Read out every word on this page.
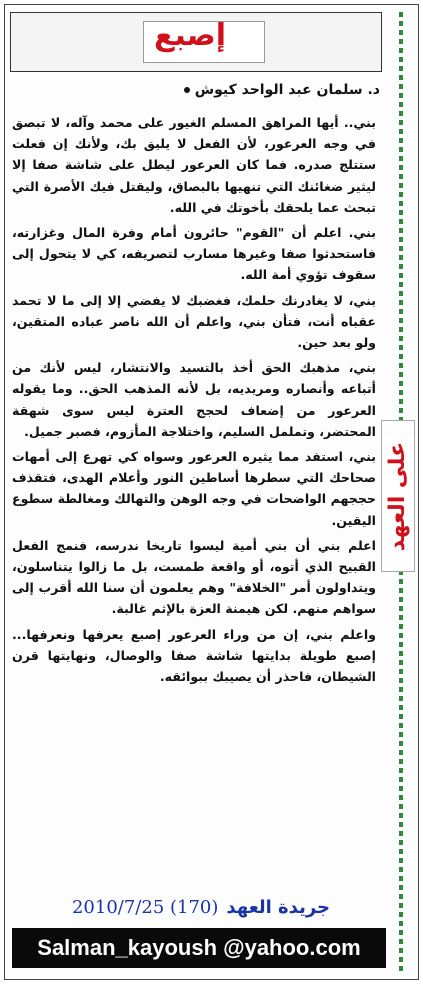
إصبع
على العهد
د. سلمان عبد الواحد كيوش

بني.. أيها المراهق المسلم الغيور على محمد وآله، لا تبصق في وجه العرعور، لأن الفعل لا يليق بك، ولأنك إن فعلت ستتلج صدره. فما كان العرعور ليطل على شاشة صفا إلا ليثير ضغائنك التي تنهيها بالبصاق، وليقتل فيك الأصرة التي تبحث عما يلحقك بأخوتك في الله.

بني. اعلم أن "القوم" حائرون أمام وفرة المال وغزارته، فاستحدثوا صفا وغيرها مسارب لتصريفه، كي لا يتحول إلى سقوف تؤوي أمة الله.

بني، لا يغادرنك حلمك، فغضبك لا يفضي إلا إلى ما لا تحمد عقباه أنت، فتأن بني، واعلم أن الله ناصر عباده المتقين، ولو بعد حين.

بني، مذهبك الحق أخذ بالتسيد والانتشار، ليس لأنك من أتباعه وأنصاره ومريديه، بل لأنه المذهب الحق.. وما يقوله العرعور من إضعاف لحجج العترة ليس سوى شهقة المحتضر، وتململ السليم، واختلاجة المأزوم، فصبر جميل.

بني، استفد مما يثيره العرعور وسواه كي تهرع إلى أمهات صحاحك التي سطرها أساطين النور وأعلام الهدى، فتقذف حججهم الواضحات في وجه الوهن والتهالك ومغالطة سطوع اليقين.

اعلم بني أن بني أمية ليسوا تاريخا ندرسه، فنمج الفعل القبيح الذي أتوه، أو واقعة طمست، بل ما زالوا يتناسلون، ويتداولون أمر "الخلافة" وهم يعلمون أن سنا الله أقرب إلى سواهم منهم. لكن هيمنة العزة بالإثم غالبة.

واعلم بني، إن من وراء العرعور إصبع يعرفها ونعرفها... إصبع طويلة بدايتها شاشة صفا والوصال، ونهايتها قرن الشيطان، فاحذر أن يصيبك ببوائقه.

جريدة العهد
(170) 2010/7/25
Salman_kayoush @yahoo.com
